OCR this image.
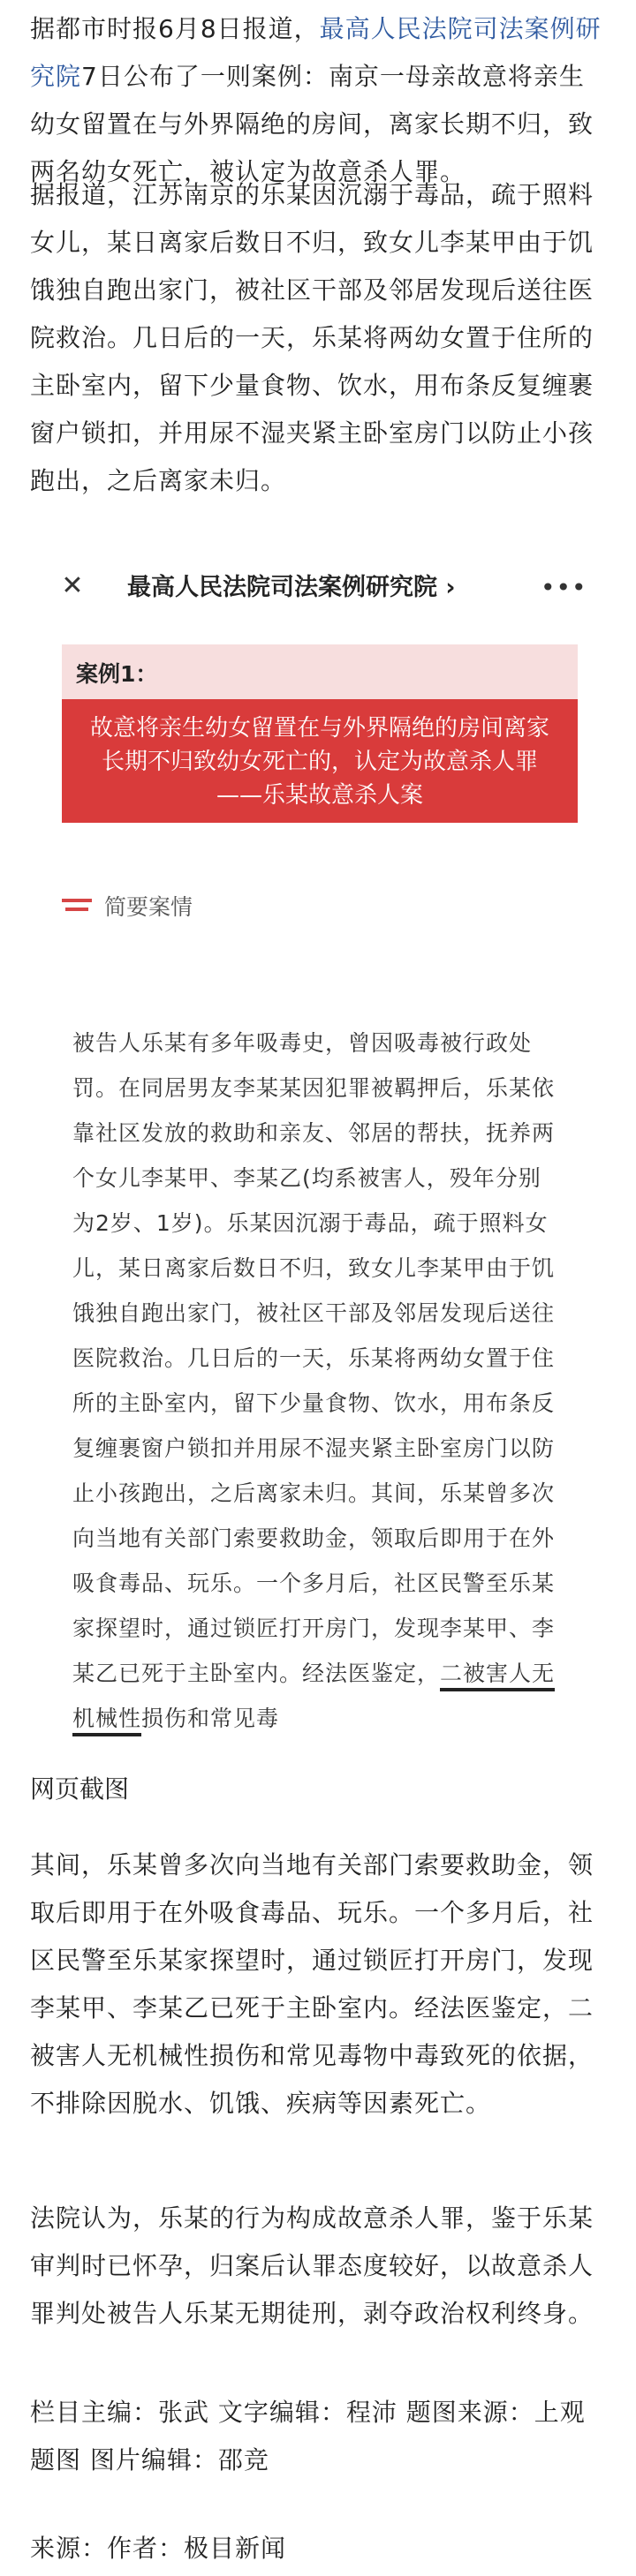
据都市时报6月8日报道，最高人民法院司法案例研究院7日公布了一则案例：南京一母亲故意将亲生幼女留置在与外界隔绝的房间，离家长期不归，致两名幼女死亡，被认定为故意杀人罪。

据报道，江苏南京的乐某因沉溺于毒品，疏于照料女儿，某日离家后数日不归，致女儿李某甲由于饥饿独自跑出家门，被社区干部及邻居发现后送往医院救治。几日后的一天，乐某将两幼女置于住所的主卧室内，留下少量食物、饮水，用布条反复缠裹窗户锁扣，并用尿不湿夹紧主卧室房门以防止小孩跑出，之后离家未归。

✕ 最高人民法院司法案例研究院 ›	•••
案例1：

故意将亲生幼女留置在与外界隔绝的房间离家
长期不归致幼女死亡的，认定为故意杀人罪
——乐某故意杀人案

简要案情

被告人乐某有多年吸毒史，曾因吸毒被行政处罚。在同居男友李某某因犯罪被羁押后，乐某依靠社区发放的救助和亲友、邻居的帮扶，抚养两个女儿李某甲、李某乙(均系被害人，殁年分别为2岁、1岁)。乐某因沉溺于毒品，疏于照料女儿，某日离家后数日不归，致女儿李某甲由于饥饿独自跑出家门，被社区干部及邻居发现后送往医院救治。几日后的一天，乐某将两幼女置于住所的主卧室内，留下少量食物、饮水，用布条反复缠裹窗户锁扣并用尿不湿夹紧主卧室房门以防止小孩跑出，之后离家未归。其间，乐某曾多次向当地有关部门索要救助金，领取后即用于在外吸食毒品、玩乐。一个多月后，社区民警至乐某家探望时，通过锁匠打开房门，发现李某甲、李某乙已死于主卧室内。经法医鉴定，二被害人无机械性损伤和常见毒

网页截图

其间，乐某曾多次向当地有关部门索要救助金，领取后即用于在外吸食毒品、玩乐。一个多月后，社区民警至乐某家探望时，通过锁匠打开房门，发现李某甲、李某乙已死于主卧室内。经法医鉴定，二被害人无机械性损伤和常见毒物中毒致死的依据，不排除因脱水、饥饿、疾病等因素死亡。

法院认为，乐某的行为构成故意杀人罪，鉴于乐某审判时已怀孕，归案后认罪态度较好，以故意杀人罪判处被告人乐某无期徒刑，剥夺政治权利终身。

栏目主编：张武 文字编辑：程沛 题图来源：上观题图 图片编辑：邵竞

来源：作者：极目新闻
